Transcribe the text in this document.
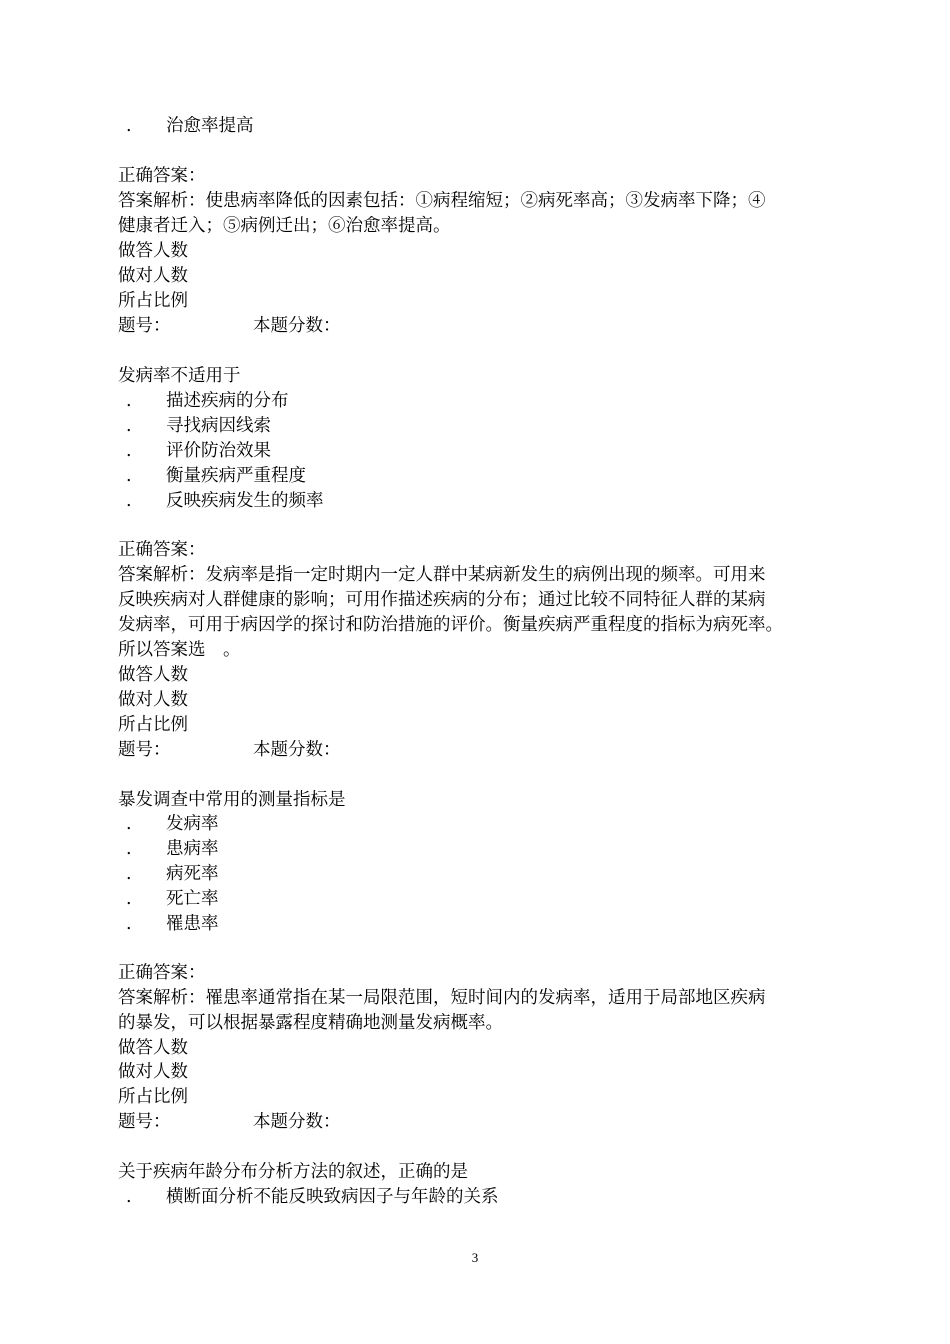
. 治愈率提高
正确答案：
答案解析：使患病率降低的因素包括：①病程缩短；②病死率高；③发病率下降；④
健康者迁入；⑤病例迁出；⑥治愈率提高。
做答人数
做对人数
所占比例
题号：	本题分数：
发病率不适用于
. 描述疾病的分布
. 寻找病因线索
. 评价防治效果
. 衡量疾病严重程度
. 反映疾病发生的频率
正确答案：
答案解析：发病率是指一定时期内一定人群中某病新发生的病例出现的频率。可用来
反映疾病对人群健康的影响；可用作描述疾病的分布；通过比较不同特征人群的某病
发病率，可用于病因学的探讨和防治措施的评价。衡量疾病严重程度的指标为病死率。
所以答案选　。
做答人数
做对人数
所占比例
题号：	本题分数：
暴发调查中常用的测量指标是
. 发病率
. 患病率
. 病死率
. 死亡率
. 罹患率
正确答案：
答案解析：罹患率通常指在某一局限范围，短时间内的发病率，适用于局部地区疾病
的暴发，可以根据暴露程度精确地测量发病概率。
做答人数
做对人数
所占比例
题号：	本题分数：
关于疾病年龄分布分析方法的叙述，正确的是
. 横断面分析不能反映致病因子与年龄的关系
3
